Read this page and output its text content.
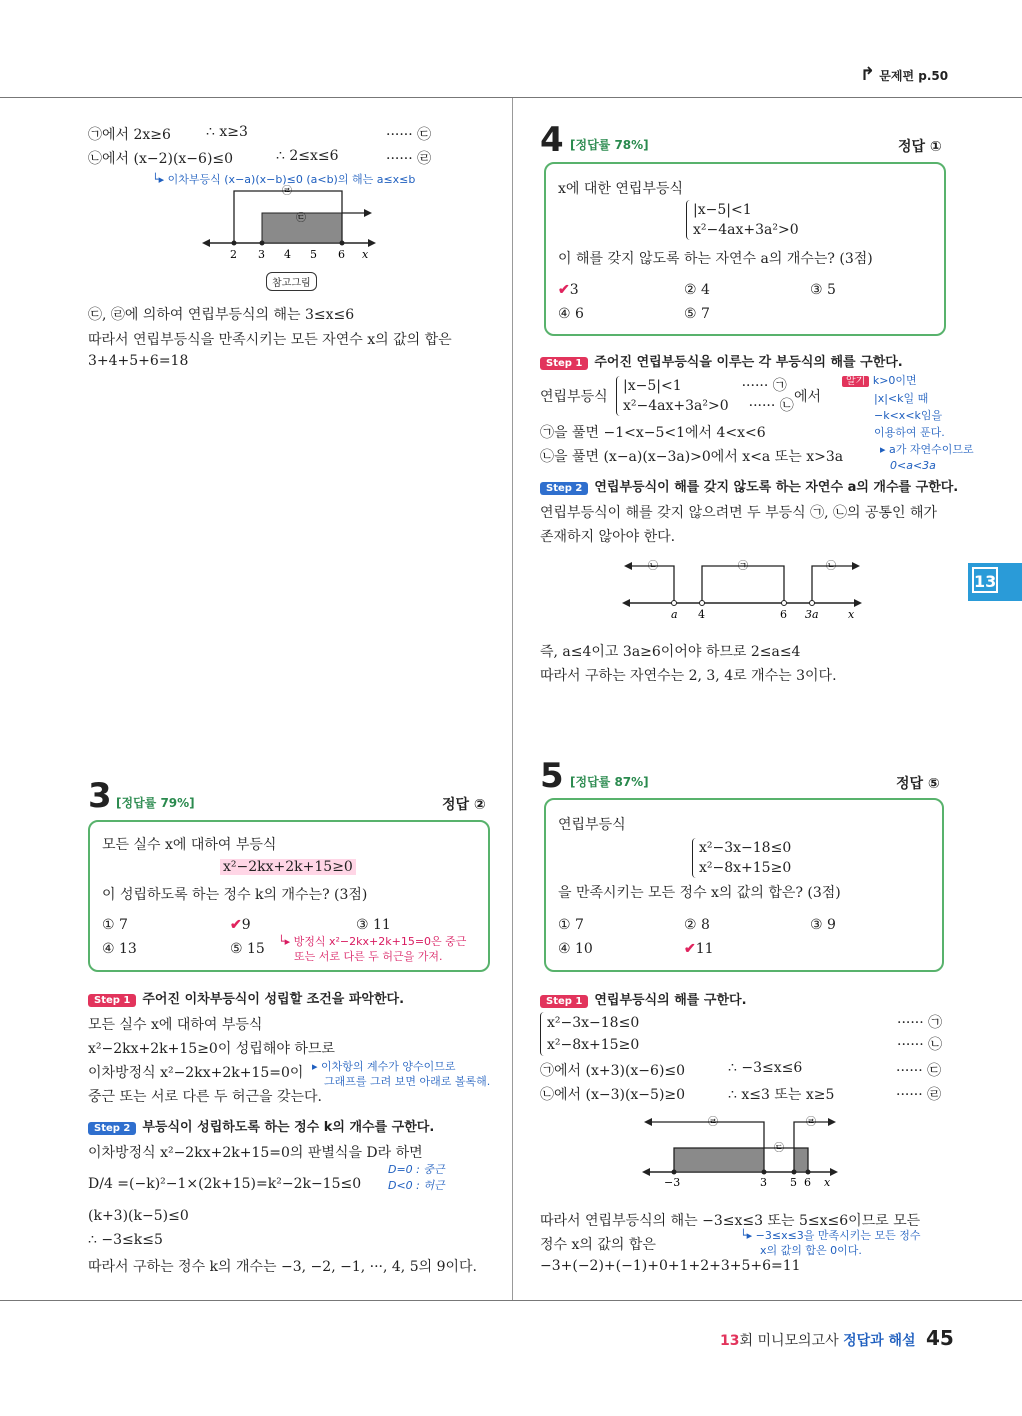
↱ 문제편 p.50
㉠에서 2x≥6	∴ x≥3	······ ㉢
㉡에서 (x−2)(x−6)≤0	∴ 2≤x≤6	······ ㉣
└▸ 이차부등식 (x−a)(x−b)≤0 (a<b)의 해는 a≤x≤b
㉣
㉢
2 3 4 5 6 x
참고그림
㉢, ㉣에 의하여 연립부등식의 해는 3≤x≤6
따라서 연립부등식을 만족시키는 모든 자연수 x의 값의 합은
3+4+5+6=18
3 [정답률 79%]	정답 ②
모든 실수 x에 대하여 부등식
x²−2kx+2k+15≥0
이 성립하도록 하는 정수 k의 개수는? (3점)
① 7	✔9	③ 11
④ 13	⑤ 15 └▸ 방정식 x²−2kx+2k+15=0은 중근
또는 서로 다른 두 허근을 가져.
Step 1 주어진 이차부등식이 성립할 조건을 파악한다.
모든 실수 x에 대하여 부등식
x²−2kx+2k+15≥0이 성립해야 하므로
이차방정식 x²−2kx+2k+15=0이
중근 또는 서로 다른 두 허근을 갖는다.
▸ 이차항의 계수가 양수이므로
그래프를 그려 보면 아래로 볼록해.
Step 2 부등식이 성립하도록 하는 정수 k의 개수를 구한다.
이차방정식 x²−2kx+2k+15=0의 판별식을 D라 하면
D/4 =(−k)²−1×(2k+15)=k²−2k−15≤0
D=0 : 중근
D<0 : 허근
(k+3)(k−5)≤0
∴ −3≤k≤5
따라서 구하는 정수 k의 개수는 −3, −2, −1, ···, 4, 5의 9이다.
4 [정답률 78%]	정답 ①
x에 대한 연립부등식
|x−5|<1
x²−4ax+3a²>0
이 해를 갖지 않도록 하는 자연수 a의 개수는? (3점)
✔3	② 4	③ 5
④ 6	⑤ 7
Step 1 주어진 연립부등식을 이루는 각 부등식의 해를 구한다.
연립부등식
|x−5|<1	······ ㉠
x²−4ax+3a²>0 ······ ㉡
에서
알기 k>0이면
|x|<k일 때
−k<x<k임을
이용하여 푼다.
㉠을 풀면 −1<x−5<1에서 4<x<6
㉡을 풀면 (x−a)(x−3a)>0에서 x<a 또는 x>3a	▸ a가 자연수이므로
0<a<3a
Step 2 연립부등식이 해를 갖지 않도록 하는 자연수 a의 개수를 구한다.
연립부등식이 해를 갖지 않으려면 두 부등식 ㉠, ㉡의 공통인 해가
존재하지 않아야 한다.
㉡	㉠	㉡
a 4	6 3a	x
즉, a≤4이고 3a≥6이어야 하므로 2≤a≤4
따라서 구하는 자연수는 2, 3, 4로 개수는 3이다.
13
5 [정답률 87%]	정답 ⑤
연립부등식
x²−3x−18≤0
x²−8x+15≥0
을 만족시키는 모든 정수 x의 값의 합은? (3점)
① 7	② 8	③ 9
④ 10	✔11
Step 1 연립부등식의 해를 구한다.
x²−3x−18≤0	······ ㉠
x²−8x+15≥0	······ ㉡
㉠에서 (x+3)(x−6)≤0	∴ −3≤x≤6	······ ㉢
㉡에서 (x−3)(x−5)≥0	∴ x≤3 또는 x≥5	······ ㉣
㉣
㉢
㉣
−3	3 5 6 x
따라서 연립부등식의 해는 −3≤x≤3 또는 5≤x≤6이므로 모든
정수 x의 값의 합은
└▸ −3≤x≤3을 만족시키는 모든 정수
x의 값의 합은 0이다.
−3+(−2)+(−1)+0+1+2+3+5+6=11
13회 미니모의고사 정답과 해설 45
